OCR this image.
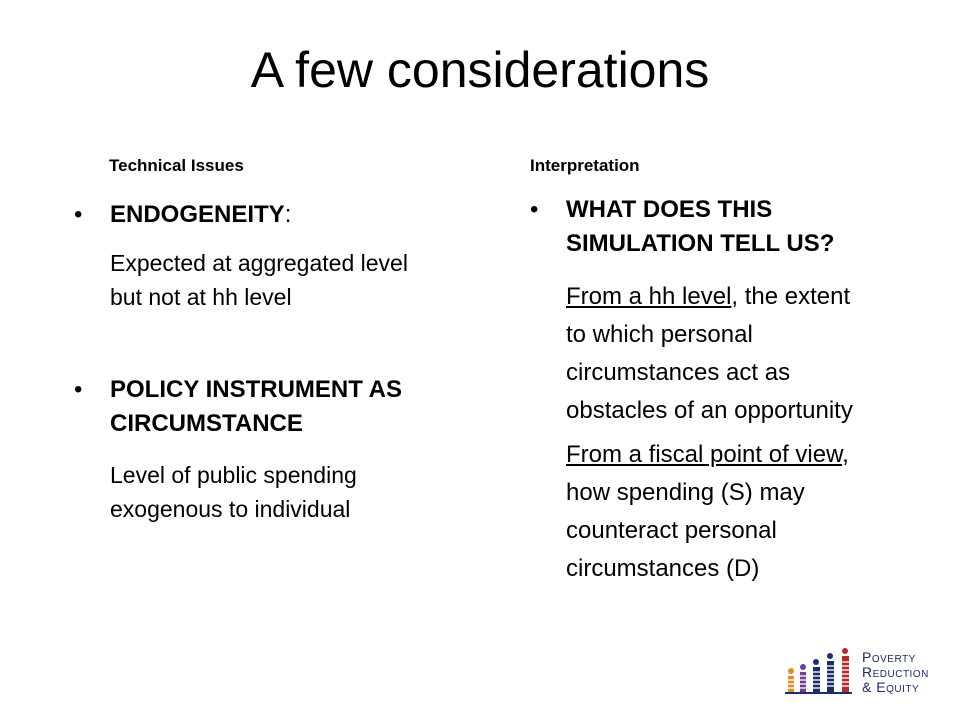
A few considerations
Technical Issues
• ENDOGENEITY:
Expected at aggregated level
but not at hh level
• POLICY INSTRUMENT AS
CIRCUMSTANCE
Level of public spending
exogenous to individual
Interpretation
• WHAT DOES THIS
SIMULATION TELL US?
From a hh level, the extent
to which personal
circumstances act as
obstacles of an opportunity
From a fiscal point of view,
how spending (S) may
counteract personal
circumstances (D)
Poverty
Reduction
& Equity
